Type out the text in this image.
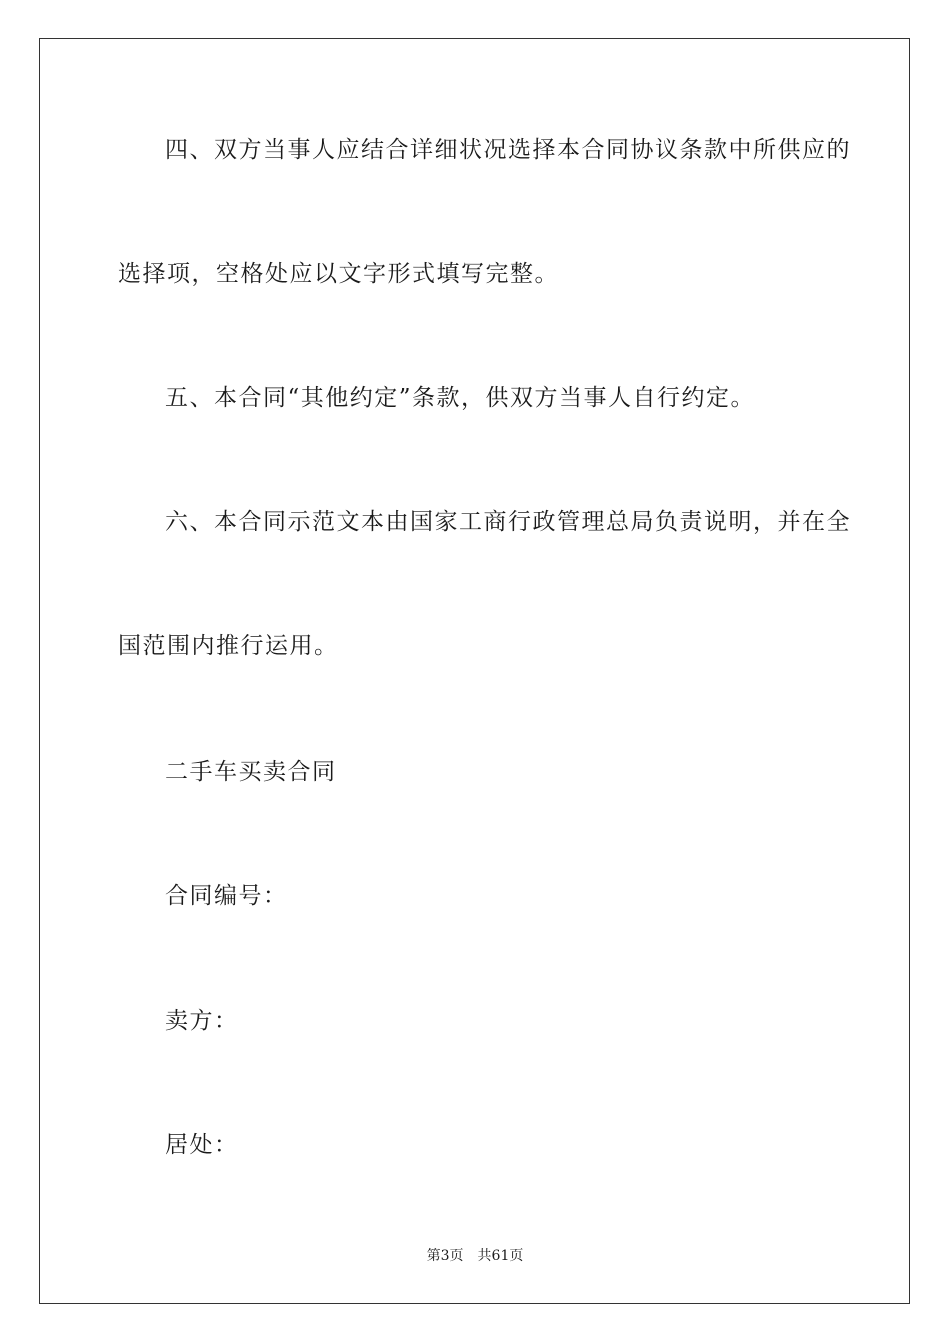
四、双方当事人应结合详细状况选择本合同协议条款中所供应的
选择项，空格处应以文字形式填写完整。
五、本合同“其他约定”条款，供双方当事人自行约定。
六、本合同示范文本由国家工商行政管理总局负责说明，并在全
国范围内推行运用。
二手车买卖合同
合同编号：
卖方：
居处：
第3页 共61页
